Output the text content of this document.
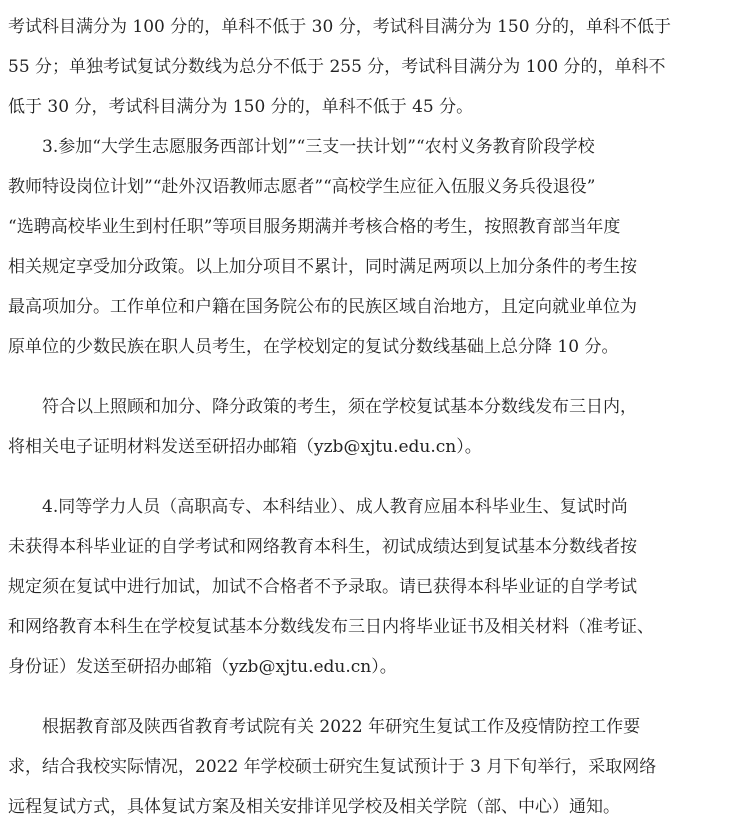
考试科目满分为 100 分的，单科不低于 30 分，考试科目满分为 150 分的，单科不低于
55 分；单独考试复试分数线为总分不低于 255 分，考试科目满分为 100 分的，单科不
低于 30 分，考试科目满分为 150 分的，单科不低于 45 分。
3.参加“大学生志愿服务西部计划”“三支一扶计划”“农村义务教育阶段学校
教师特设岗位计划”“赴外汉语教师志愿者”“高校学生应征入伍服义务兵役退役”
“选聘高校毕业生到村任职”等项目服务期满并考核合格的考生，按照教育部当年度
相关规定享受加分政策。以上加分项目不累计，同时满足两项以上加分条件的考生按
最高项加分。工作单位和户籍在国务院公布的民族区域自治地方，且定向就业单位为
原单位的少数民族在职人员考生，在学校划定的复试分数线基础上总分降 10 分。
符合以上照顾和加分、降分政策的考生，须在学校复试基本分数线发布三日内，
将相关电子证明材料发送至研招办邮箱（yzb@xjtu.edu.cn）。
4.同等学力人员（高职高专、本科结业）、成人教育应届本科毕业生、复试时尚
未获得本科毕业证的自学考试和网络教育本科生，初试成绩达到复试基本分数线者按
规定须在复试中进行加试，加试不合格者不予录取。请已获得本科毕业证的自学考试
和网络教育本科生在学校复试基本分数线发布三日内将毕业证书及相关材料（准考证、
身份证）发送至研招办邮箱（yzb@xjtu.edu.cn）。
根据教育部及陕西省教育考试院有关 2022 年研究生复试工作及疫情防控工作要
求，结合我校实际情况，2022 年学校硕士研究生复试预计于 3 月下旬举行，采取网络
远程复试方式，具体复试方案及相关安排详见学校及相关学院（部、中心）通知。
